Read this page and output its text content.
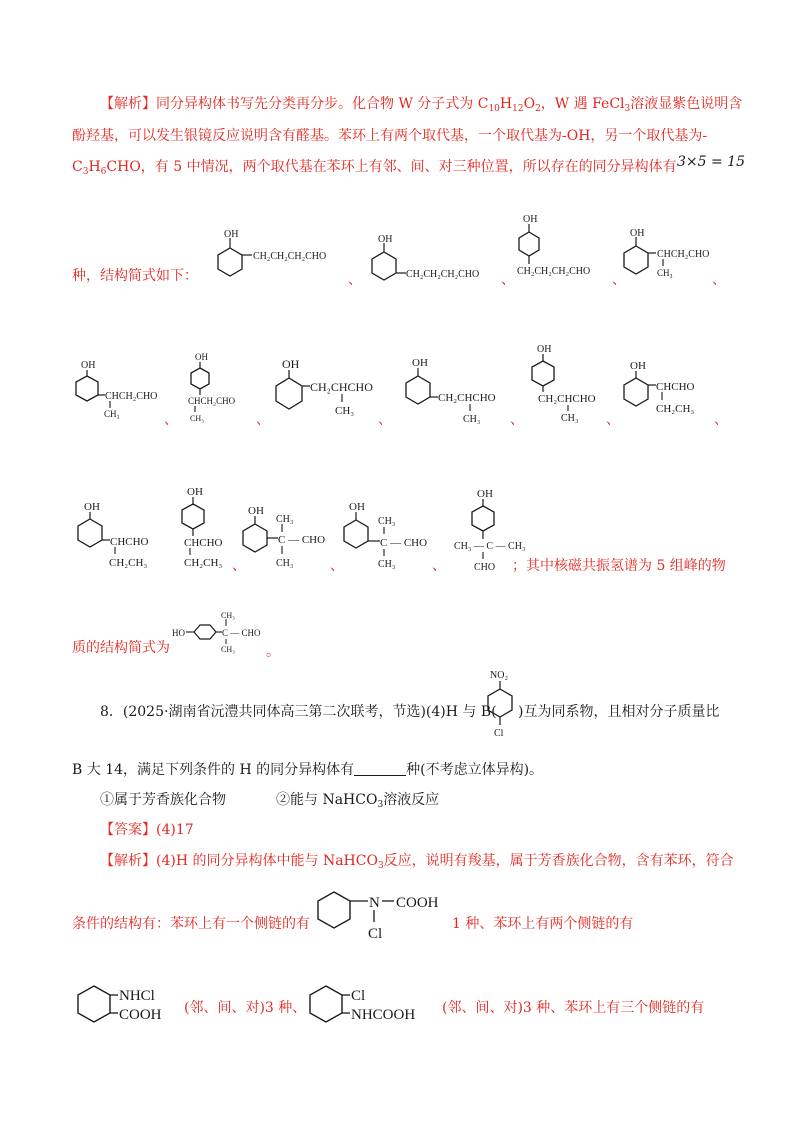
【解析】同分异构体书写先分类再分步。化合物 W 分子式为 $C_{10}H_{12}O_2$，W 遇 FeCl$_3$溶液显紫色说明含
酚羟基，可以发生银镜反应说明含有醛基。苯环上有两个取代基，一个取代基为-OH，另一个取代基为-
$C_3H_6CHO$，有 5 中情况，两个取代基在苯环上有邻、间、对三种位置，所以存在的同分异构体有 3×5 = 15
种，结构简式如下：
OH
CH₂CH₂CH₂CHO
、
OH
CH₂CH₂CH₂CHO 、
OH
CH₂CH₂CH₂CHO
、
OH
CHCH₂CHO
CH₃	、
OH
CHCH₂CHO
CH₃	、
OH
CHCH₂CHO
CH₃	、
OH
CH₂CHCHO
CH₃
、
OH
CH₂CHCHO
CH₃ 、
OH
CH₂CHCHO
CH₃ 、
OH
CHCHO
CH₂CH₃
、
OH
CHCHO
CH₂CH₃
OH
CHCHO
CH₂CH₃ 、
OH
C — CHO
CH₃
CH₃	、
OH
C — CHO
CH₃
CH₃	、
OH
CH₃ — C — CH₃
CHO ；其中核磁共振氢谱为 5 组峰的物
质的结构简式为
HO	C — CHO
CH₃
CH₃ 。
8．(2025·湖南省沅澧共同体高三第二次联考，节选)(4)H 与 B(
NO₂
Cl
)互为同系物，且相对分子质量比
B 大 14，满足下列条件的 H 的同分异构体有	种(不考虑立体异构)。
①属于芳香族化合物	②能与 NaHCO$_3$溶液反应
【答案】(4)17
【解析】(4)H 的同分异构体中能与 NaHCO$_3$反应，说明有羧基，属于芳香族化合物，含有苯环，符合
条件的结构有：苯环上有一个侧链的有
N COOH
Cl
1 种、苯环上有两个侧链的有
NHCl
COOH (邻、间、对)3 种、
Cl
NHCOOH (邻、间、对)3 种、苯环上有三个侧链的有
